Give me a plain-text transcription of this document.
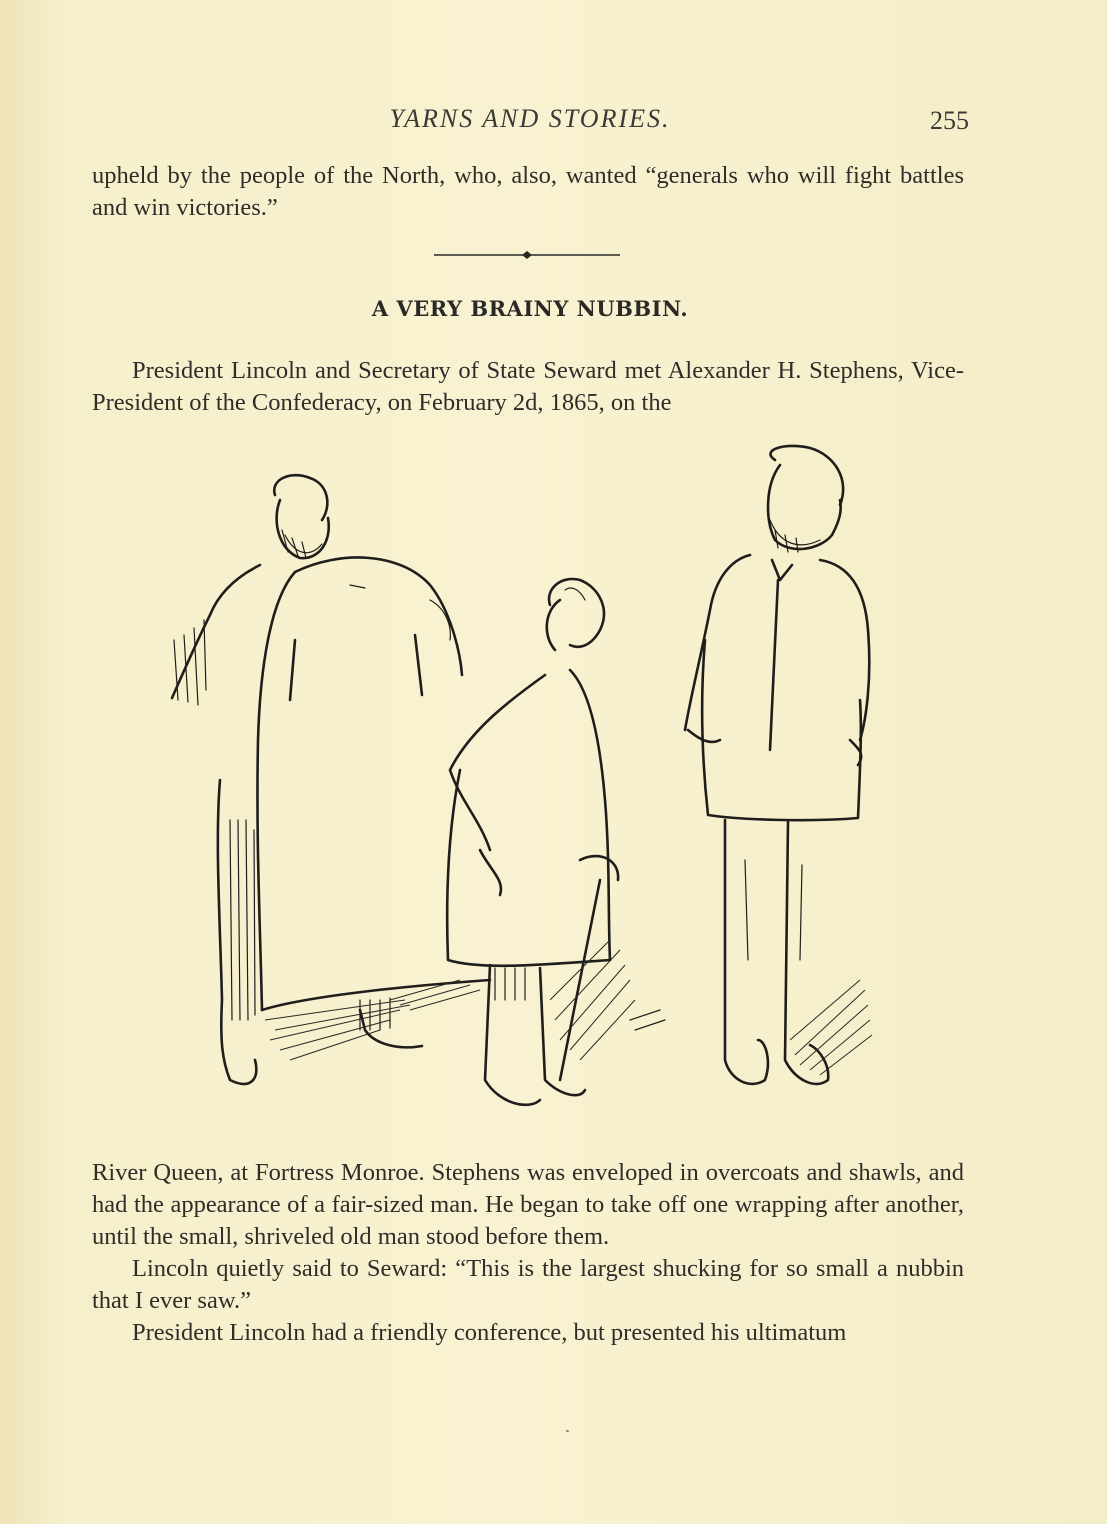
YARNS AND STORIES.	255

upheld by the people of the North, who, also, wanted “generals who will fight battles and win victories.”

A VERY BRAINY NUBBIN.

President Lincoln and Secretary of State Seward met Alexander H. Stephens, Vice-President of the Confederacy, on February 2d, 1865, on the

River Queen, at Fortress Monroe. Stephens was enveloped in overcoats and shawls, and had the appearance of a fair-sized man. He began to take off one wrapping after another, until the small, shriveled old man stood before them.

Lincoln quietly said to Seward: “This is the largest shucking for so small a nubbin that I ever saw.”

President Lincoln had a friendly conference, but presented his ultimatum
